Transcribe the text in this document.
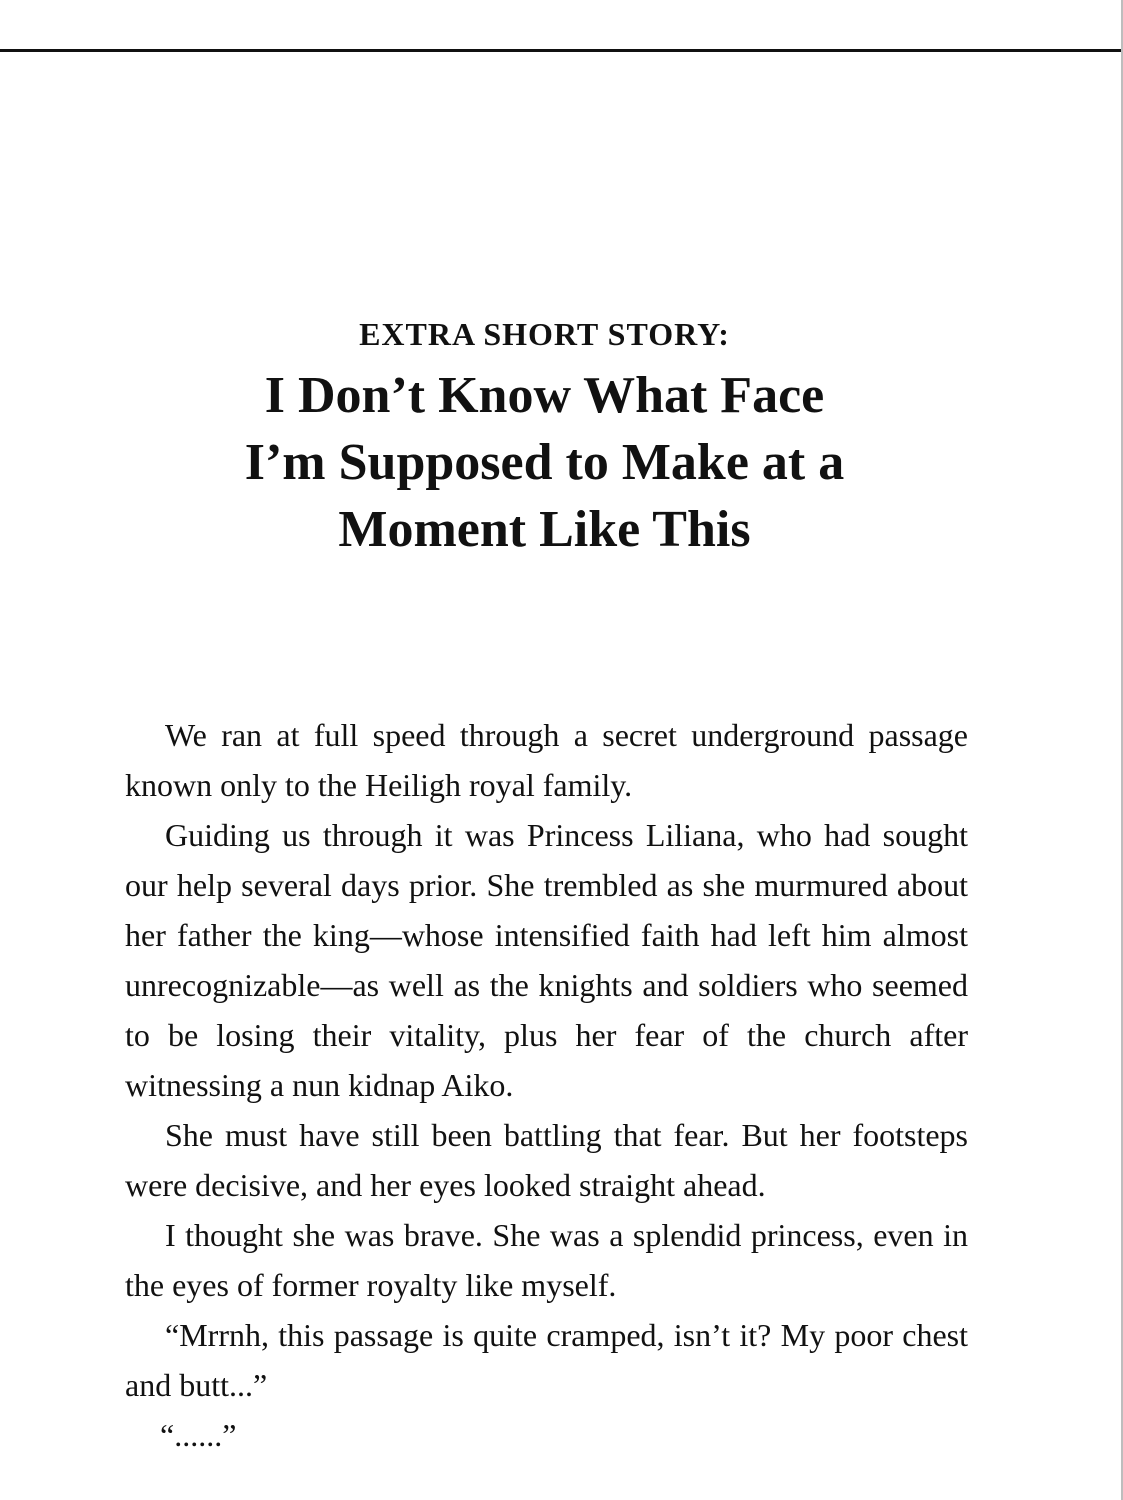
EXTRA SHORT STORY:

I Don’t Know What Face
I’m Supposed to Make at a
Moment Like This

We ran at full speed through a secret underground passage known only to the Heiligh royal family.

Guiding us through it was Princess Liliana, who had sought our help several days prior. She trembled as she murmured about her father the king—whose intensified faith had left him almost unrecognizable—as well as the knights and soldiers who seemed to be losing their vitality, plus her fear of the church after witnessing a nun kidnap Aiko.

She must have still been battling that fear. But her footsteps were decisive, and her eyes looked straight ahead.

I thought she was brave. She was a splendid princess, even in the eyes of former royalty like myself.

“Mrrnh, this passage is quite cramped, isn’t it? My poor chest and butt...”

“......”
